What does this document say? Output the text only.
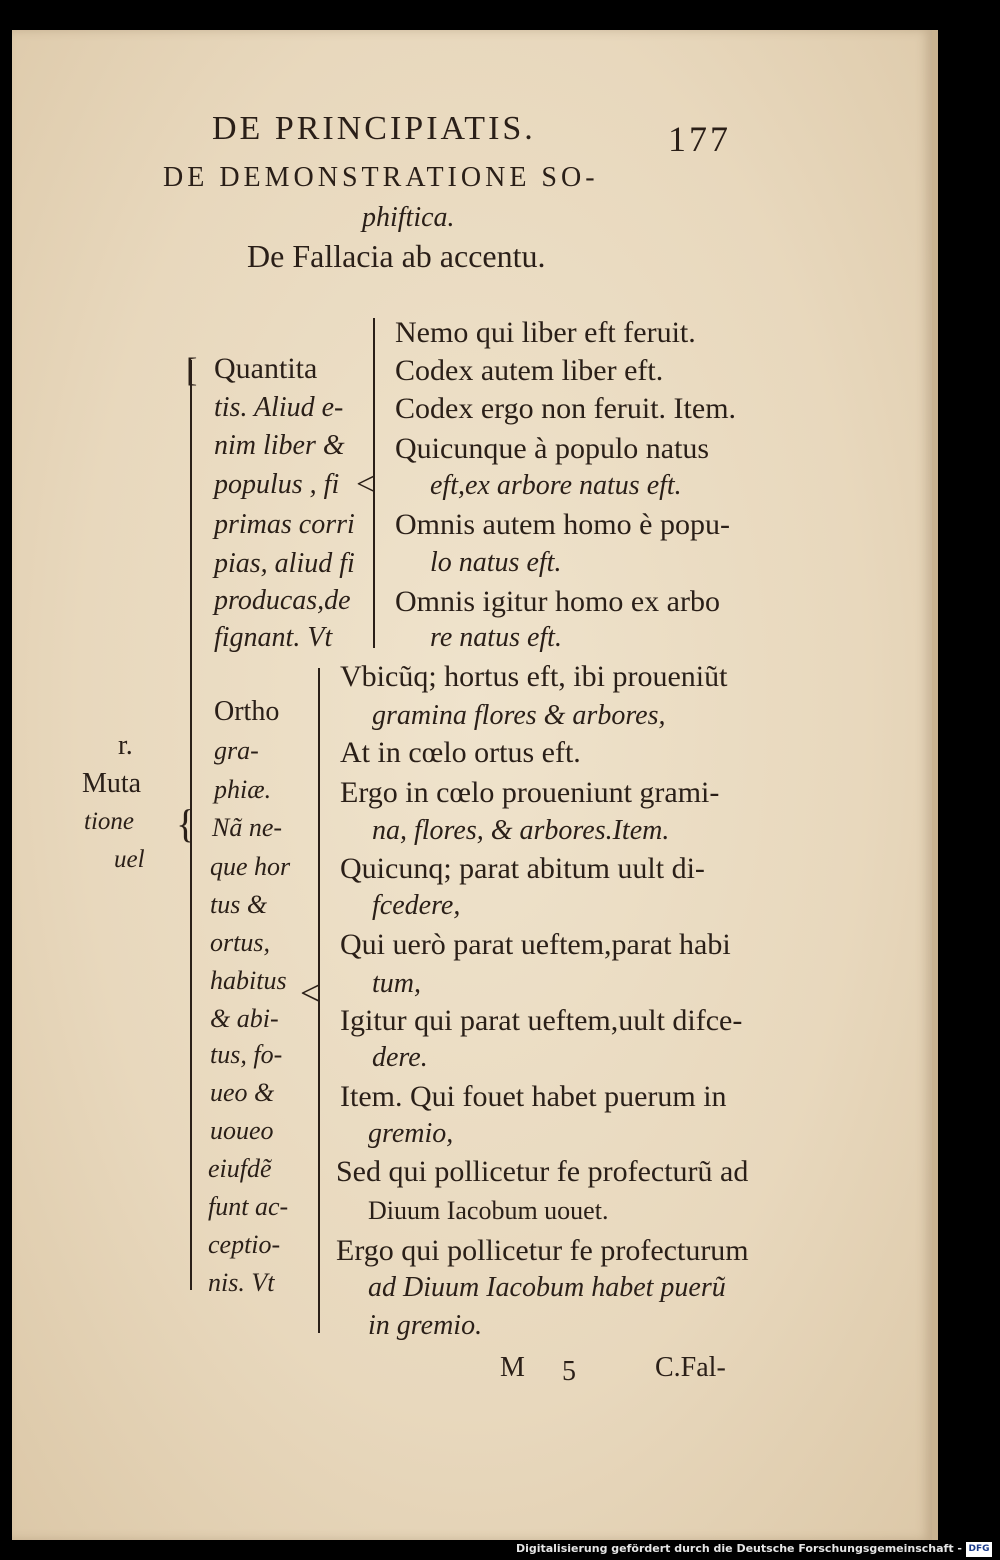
DE PRINCIPIATIS.	177
DE DEMONSTRATIONE SO-
phiftica.
De Fallacia ab accentu.
r.
Muta
tione
uel
{
[ Quantita
tis. Aliud e-
nim liber &
populus , fi
primas corri
pias, aliud fi
producas,de
fignant. Vt
<
Nemo qui liber eft feruit.
Codex autem liber eft.
Codex ergo non feruit. Item.
Quicunque à populo natus
eft,ex arbore natus eft.
Omnis autem homo è popu-
lo natus eft.
Omnis igitur homo ex arbo
re natus eft.
Ortho
gra-
phiæ.
Nã ne-
que hor
tus &
ortus,
habitus
& abi-
tus, fo-
ueo &
uoueo
eiufdẽ
funt ac-
ceptio-
nis. Vt
<
Vbicũq; hortus eft, ibi proueniũt
gramina flores & arbores,
At in cœlo ortus eft.
Ergo in cœlo proueniunt grami-
na, flores, & arbores.Item.
Quicunq; parat abitum uult di-
fcedere,
Qui uerò parat ueftem,parat habi
tum,
Igitur qui parat ueftem,uult difce-
dere.
Item. Qui fouet habet puerum in
gremio,
Sed qui pollicetur fe profecturũ ad
Diuum Iacobum uouet.
Ergo qui pollicetur fe profecturum
ad Diuum Iacobum habet puerũ
in gremio.
M 5	C.Fal-
Digitalisierung gefördert durch die Deutsche Forschungsgemeinschaft - DFG
